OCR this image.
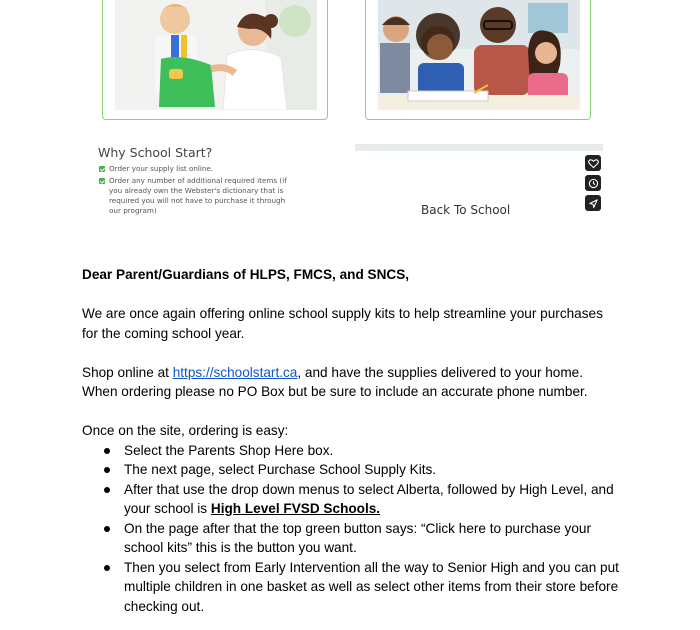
Why School Start?
Order your supply list online.
Order any number of additional required items (if you already own the Webster's dictionary that is required you will not have to purchase it through our program)	Back To School

Dear Parent/Guardians of HLPS, FMCS, and SNCS,

We are once again offering online school supply kits to help streamline your purchases for the coming school year.

Shop online at https://schoolstart.ca, and have the supplies delivered to your home. When ordering please no PO Box but be sure to include an accurate phone number.

Once on the site, ordering is easy:

Select the Parents Shop Here box.
The next page, select Purchase School Supply Kits.
After that use the drop down menus to select Alberta, followed by High Level, and your school is High Level FVSD Schools.
On the page after that the top green button says: “Click here to purchase your school kits” this is the button you want.
Then you select from Early Intervention all the way to Senior High and you can put multiple children in one basket as well as select other items from their store before checking out.
